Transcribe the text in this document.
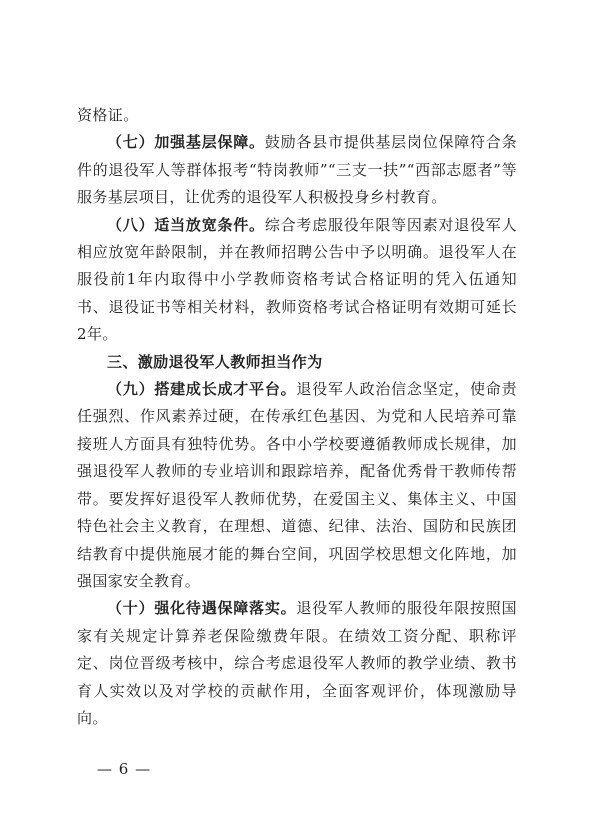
资格证。

（七）加强基层保障。鼓励各县市提供基层岗位保障符合条件的退役军人等群体报考“特岗教师”“三支一扶”“西部志愿者”等服务基层项目，让优秀的退役军人积极投身乡村教育。

（八）适当放宽条件。综合考虑服役年限等因素对退役军人相应放宽年龄限制，并在教师招聘公告中予以明确。退役军人在服役前1年内取得中小学教师资格考试合格证明的凭入伍通知书、退役证书等相关材料，教师资格考试合格证明有效期可延长2年。

三、激励退役军人教师担当作为

（九）搭建成长成才平台。退役军人政治信念坚定，使命责任强烈、作风素养过硬，在传承红色基因、为党和人民培养可靠接班人方面具有独特优势。各中小学校要遵循教师成长规律，加强退役军人教师的专业培训和跟踪培养，配备优秀骨干教师传帮带。要发挥好退役军人教师优势，在爱国主义、集体主义、中国特色社会主义教育，在理想、道德、纪律、法治、国防和民族团结教育中提供施展才能的舞台空间，巩固学校思想文化阵地，加强国家安全教育。

（十）强化待遇保障落实。退役军人教师的服役年限按照国家有关规定计算养老保险缴费年限。在绩效工资分配、职称评定、岗位晋级考核中，综合考虑退役军人教师的教学业绩、教书育人实效以及对学校的贡献作用，全面客观评价，体现激励导向。

— 6 —
